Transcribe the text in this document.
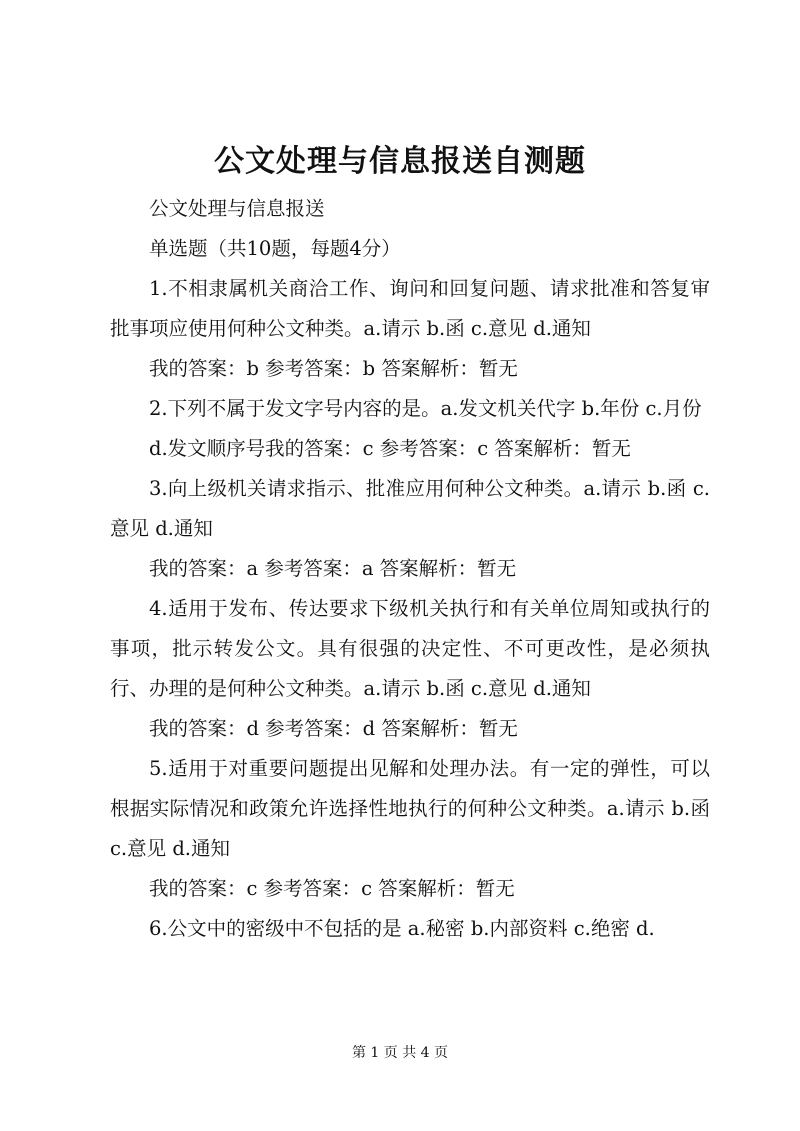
公文处理与信息报送自测题

公文处理与信息报送

单选题（共10题，每题4分）

1.不相隶属机关商洽工作、询问和回复问题、请求批准和答复审批事项应使用何种公文种类。a.请示 b.函 c.意见 d.通知

我的答案：b 参考答案：b 答案解析：暂无

2.下列不属于发文字号内容的是。a.发文机关代字 b.年份 c.月份

d.发文顺序号我的答案：c 参考答案：c 答案解析：暂无

3.向上级机关请求指示、批准应用何种公文种类。a.请示 b.函 c.意见 d.通知

我的答案：a 参考答案：a 答案解析：暂无

4.适用于发布、传达要求下级机关执行和有关单位周知或执行的事项，批示转发公文。具有很强的决定性、不可更改性，是必须执行、办理的是何种公文种类。a.请示 b.函 c.意见 d.通知

我的答案：d 参考答案：d 答案解析：暂无

5.适用于对重要问题提出见解和处理办法。有一定的弹性，可以根据实际情况和政策允许选择性地执行的何种公文种类。a.请示 b.函 c.意见 d.通知

我的答案：c 参考答案：c 答案解析：暂无

6.公文中的密级中不包括的是 a.秘密 b.内部资料 c.绝密 d.

第 1 页 共 4 页
